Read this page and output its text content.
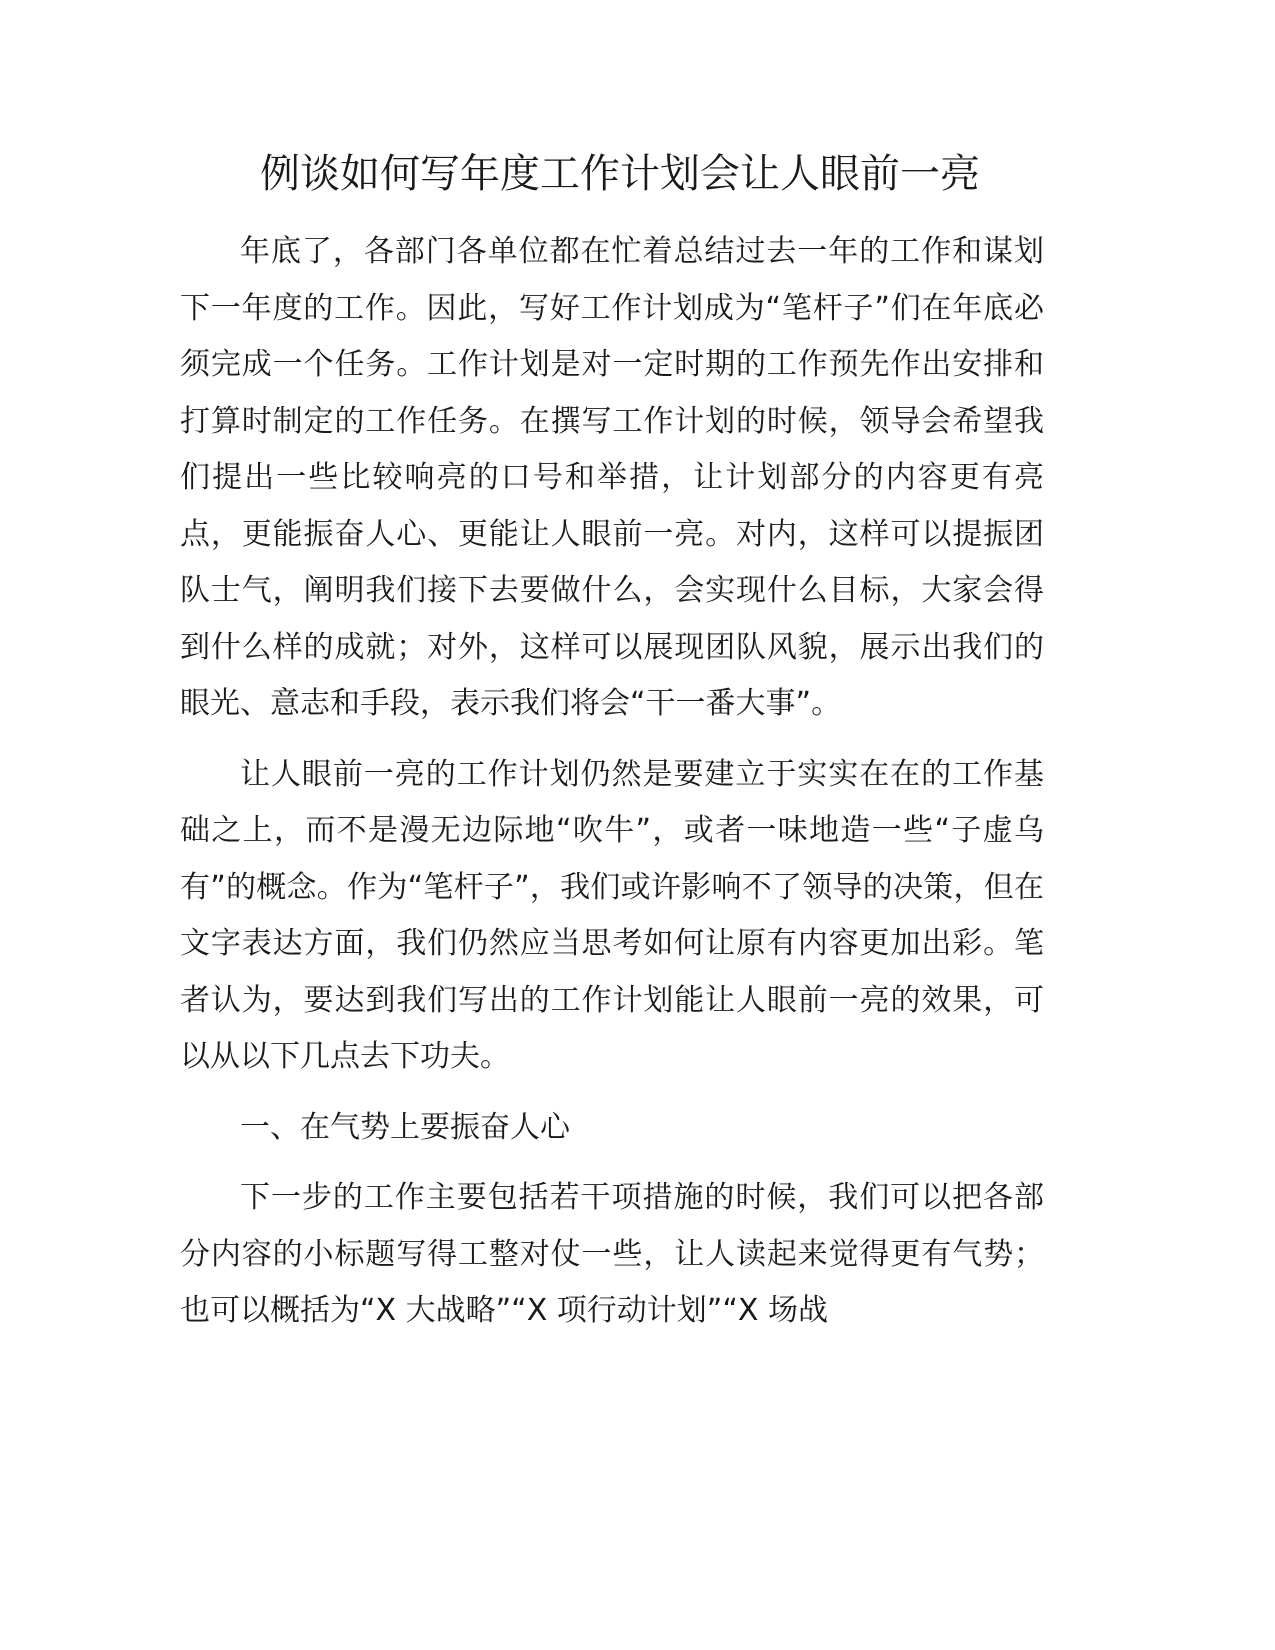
例谈如何写年度工作计划会让人眼前一亮

年底了，各部门各单位都在忙着总结过去一年的工作和谋划下一年度的工作。因此，写好工作计划成为“笔杆子”们在年底必须完成一个任务。工作计划是对一定时期的工作预先作出安排和打算时制定的工作任务。在撰写工作计划的时候，领导会希望我们提出一些比较响亮的口号和举措，让计划部分的内容更有亮点，更能振奋人心、更能让人眼前一亮。对内，这样可以提振团队士气，阐明我们接下去要做什么，会实现什么目标，大家会得到什么样的成就；对外，这样可以展现团队风貌，展示出我们的眼光、意志和手段，表示我们将会“干一番大事”。

让人眼前一亮的工作计划仍然是要建立于实实在在的工作基础之上，而不是漫无边际地“吹牛”，或者一味地造一些“子虚乌有”的概念。作为“笔杆子”，我们或许影响不了领导的决策，但在文字表达方面，我们仍然应当思考如何让原有内容更加出彩。笔者认为，要达到我们写出的工作计划能让人眼前一亮的效果，可以从以下几点去下功夫。

一、在气势上要振奋人心

下一步的工作主要包括若干项措施的时候，我们可以把各部分内容的小标题写得工整对仗一些，让人读起来觉得更有气势；也可以概括为“X 大战略”“X 项行动计划”“X 场战
